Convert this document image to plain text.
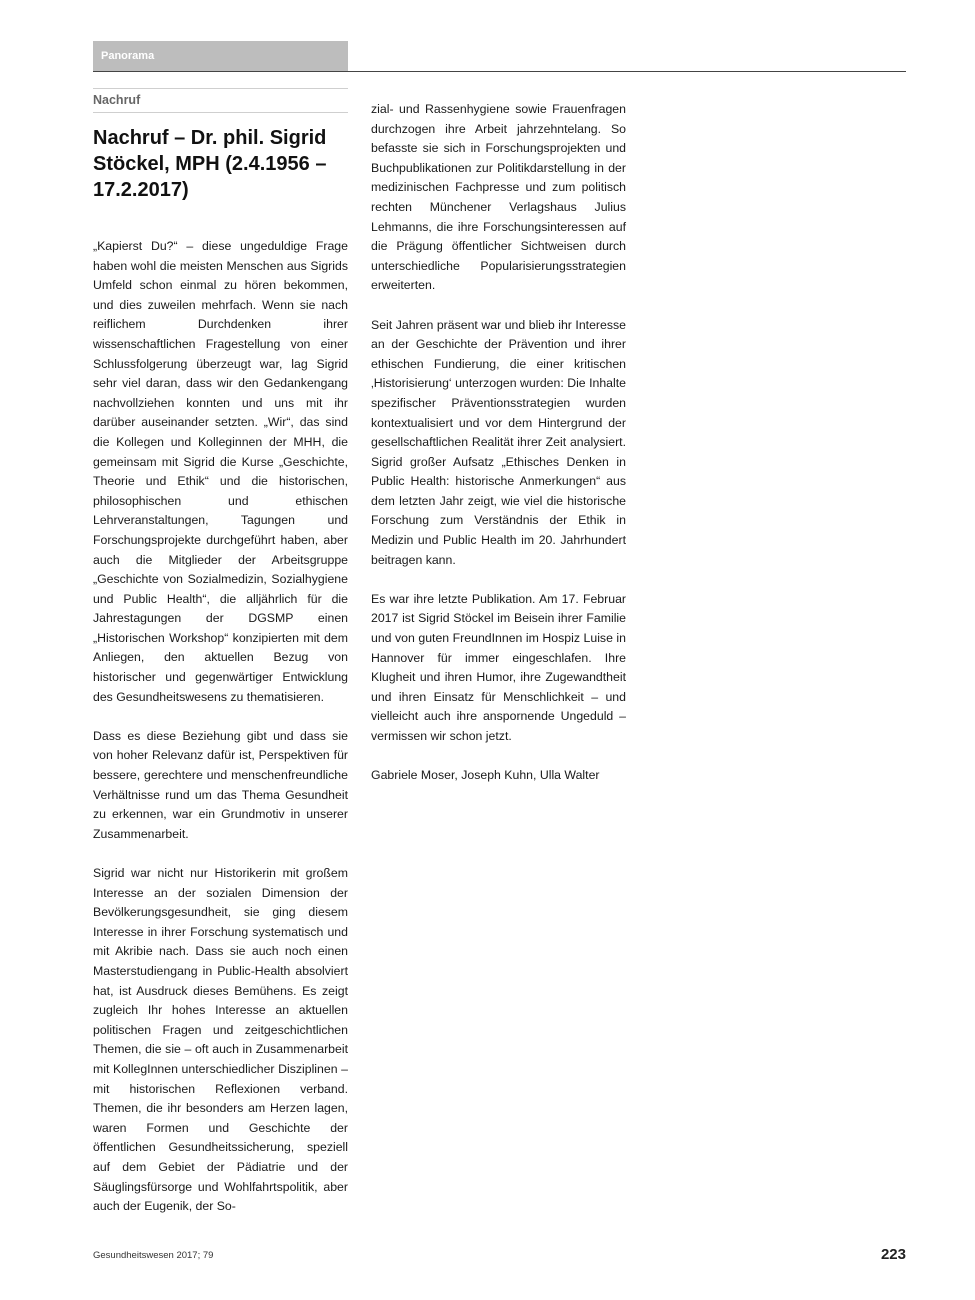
Panorama
Nachruf
Nachruf – Dr. phil. Sigrid Stöckel, MPH (2.4.1956 – 17.2.2017)

„Kapierst Du?“ – diese ungeduldige Frage haben wohl die meisten Menschen aus Sigrids Umfeld schon einmal zu hören bekommen, und dies zuweilen mehrfach. Wenn sie nach reiflichem Durchdenken ihrer wissenschaftlichen Fragestellung von einer Schlussfolgerung überzeugt war, lag Sigrid sehr viel daran, dass wir den Gedankengang nachvollziehen konnten und uns mit ihr darüber auseinander setzten. „Wir“, das sind die Kollegen und Kolleginnen der MHH, die gemeinsam mit Sigrid die Kurse „Geschichte, Theorie und Ethik“ und die historischen, philosophischen und ethischen Lehrveranstaltungen, Tagungen und Forschungsprojekte durchgeführt haben, aber auch die Mitglieder der Arbeitsgruppe „Geschichte von Sozialmedizin, Sozialhygiene und Public Health“, die alljährlich für die Jahrestagungen der DGSMP einen „Historischen Workshop“ konzipierten mit dem Anliegen, den aktuellen Bezug von historischer und gegenwärtiger Entwicklung des Gesundheitswesens zu thematisieren.

Dass es diese Beziehung gibt und dass sie von hoher Relevanz dafür ist, Perspektiven für bessere, gerechtere und menschenfreundliche Verhältnisse rund um das Thema Gesundheit zu erkennen, war ein Grundmotiv in unserer Zusammenarbeit.

Sigrid war nicht nur Historikerin mit großem Interesse an der sozialen Dimension der Bevölkerungsgesundheit, sie ging diesem Interesse in ihrer Forschung systematisch und mit Akribie nach. Dass sie auch noch einen Masterstudiengang in Public-Health absolviert hat, ist Ausdruck dieses Bemühens. Es zeigt zugleich Ihr hohes Interesse an aktuellen politischen Fragen und zeitgeschichtlichen Themen, die sie – oft auch in Zusammenarbeit mit KollegInnen unterschiedlicher Disziplinen – mit historischen Reflexionen verband. Themen, die ihr besonders am Herzen lagen, waren Formen und Geschichte der öffentlichen Gesundheitssicherung, speziell auf dem Gebiet der Pädiatrie und der Säuglingsfürsorge und Wohlfahrtspolitik, aber auch der Eugenik, der So-

zial- und Rassenhygiene sowie Frauenfragen durchzogen ihre Arbeit jahrzehntelang. So befasste sie sich in Forschungsprojekten und Buchpublikationen zur Politikdarstellung in der medizinischen Fachpresse und zum politisch rechten Münchener Verlagshaus Julius Lehmanns, die ihre Forschungsinteressen auf die Prägung öffentlicher Sichtweisen durch unterschiedliche Popularisierungsstrategien erweiterten.

Seit Jahren präsent war und blieb ihr Interesse an der Geschichte der Prävention und ihrer ethischen Fundierung, die einer kritischen ‚Historisierung‘ unterzogen wurden: Die Inhalte spezifischer Präventionsstrategien wurden kontextualisiert und vor dem Hintergrund der gesellschaftlichen Realität ihrer Zeit analysiert. Sigrid großer Aufsatz „Ethisches Denken in Public Health: historische Anmerkungen“ aus dem letzten Jahr zeigt, wie viel die historische Forschung zum Verständnis der Ethik in Medizin und Public Health im 20. Jahrhundert beitragen kann.

Es war ihre letzte Publikation. Am 17. Februar 2017 ist Sigrid Stöckel im Beisein ihrer Familie und von guten FreundInnen im Hospiz Luise in Hannover für immer eingeschlafen. Ihre Klugheit und ihren Humor, ihre Zugewandtheit und ihren Einsatz für Menschlichkeit – und vielleicht auch ihre anspornende Ungeduld – vermissen wir schon jetzt.

Gabriele Moser, Joseph Kuhn, Ulla Walter

Gesundheitswesen 2017; 79	223
